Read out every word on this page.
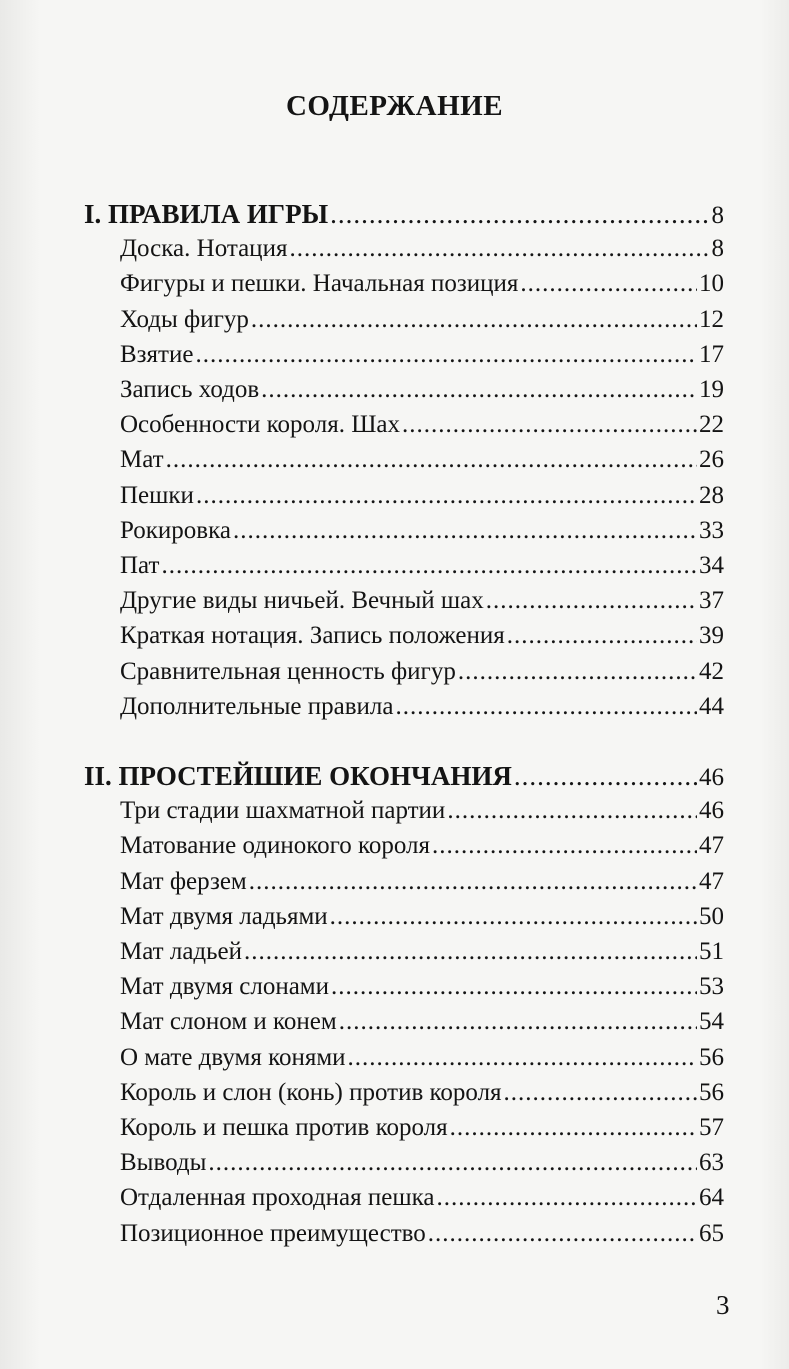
СОДЕРЖАНИЕ
I. ПРАВИЛА ИГРЫ .....	8
Доска. Нотация .....	8
Фигуры и пешки. Начальная позиция .....	10
Ходы фигур .....	12
Взятие .....	17
Запись ходов .....	19
Особенности короля. Шах .....	22
Мат .....	26
Пешки .....	28
Рокировка .....	33
Пат .....	34
Другие виды ничьей. Вечный шах .....	37
Краткая нотация. Запись положения .....	39
Сравнительная ценность фигур .....	42
Дополнительные правила .....	44
II. ПРОСТЕЙШИЕ ОКОНЧАНИЯ .....	46
Три стадии шахматной партии .....	46
Матование одинокого короля .....	47
Мат ферзем .....	47
Мат двумя ладьями .....	50
Мат ладьей .....	51
Мат двумя слонами .....	53
Мат слоном и конем .....	54
О мате двумя конями .....	56
Король и слон (конь) против короля .....	56
Король и пешка против короля .....	57
Выводы .....	63
Отдаленная проходная пешка .....	64
Позиционное преимущество .....	65
3
